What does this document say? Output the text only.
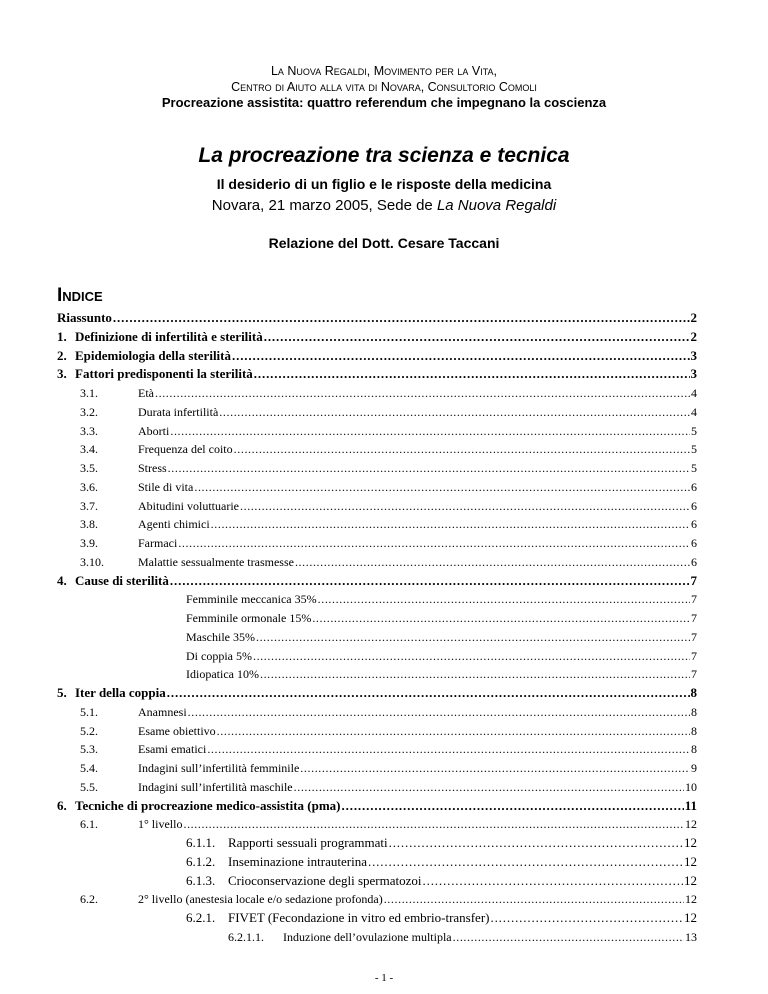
La Nuova Regaldi, Movimento per la Vita,
Centro di Aiuto alla vita di Novara, Consultorio Comoli
Procreazione assistita: quattro referendum che impegnano la coscienza
La procreazione tra scienza e tecnica
Il desiderio di un figlio e le risposte della medicina
Novara, 21 marzo 2005, Sede de La Nuova Regaldi
Relazione del Dott. Cesare Taccani
Indice
Riassunto . . .	2
1. Definizione di infertilità e sterilità . . .	2
2. Epidemiologia della sterilità . . .	3
3. Fattori predisponenti la sterilità . . .	3
3.1.	Età . . .	4
3.2.	Durata infertilità . . .	4
3.3.	Aborti . . .	5
3.4.	Frequenza del coito . . .	5
3.5.	Stress . . .	5
3.6.	Stile di vita . . .	6
3.7.	Abitudini voluttuarie . . .	6
3.8.	Agenti chimici . . .	6
3.9.	Farmaci . . .	6
3.10.	Malattie sessualmente trasmesse . . .	6
4. Cause di sterilità . . .	7
Femminile meccanica 35% . . .	7
Femminile ormonale 15% . . .	7
Maschile 35% . . .	7
Di coppia 5% . . .	7
Idiopatica 10% . . .	7
5. Iter della coppia . . .	8
5.1.	Anamnesi . . .	8
5.2.	Esame obiettivo . . .	8
5.3.	Esami ematici . . .	8
5.4.	Indagini sull’infertilità femminile . . .	9
5.5.	Indagini sull’infertilità maschile . . .	10
6. Tecniche di procreazione medico-assistita (pma) . . .	11
6.1.	1° livello . . .	12
6.1.1. Rapporti sessuali programmati . . .	12
6.1.2. Inseminazione intrauterina . . .	12
6.1.3. Crioconservazione degli spermatozoi . . .	12
6.2.	2° livello (anestesia locale e/o sedazione profonda) . . .	12
6.2.1. FIVET (Fecondazione in vitro ed embrio-transfer) . . .	12
6.2.1.1.	Induzione dell’ovulazione multipla . . .	13
- 1 -
